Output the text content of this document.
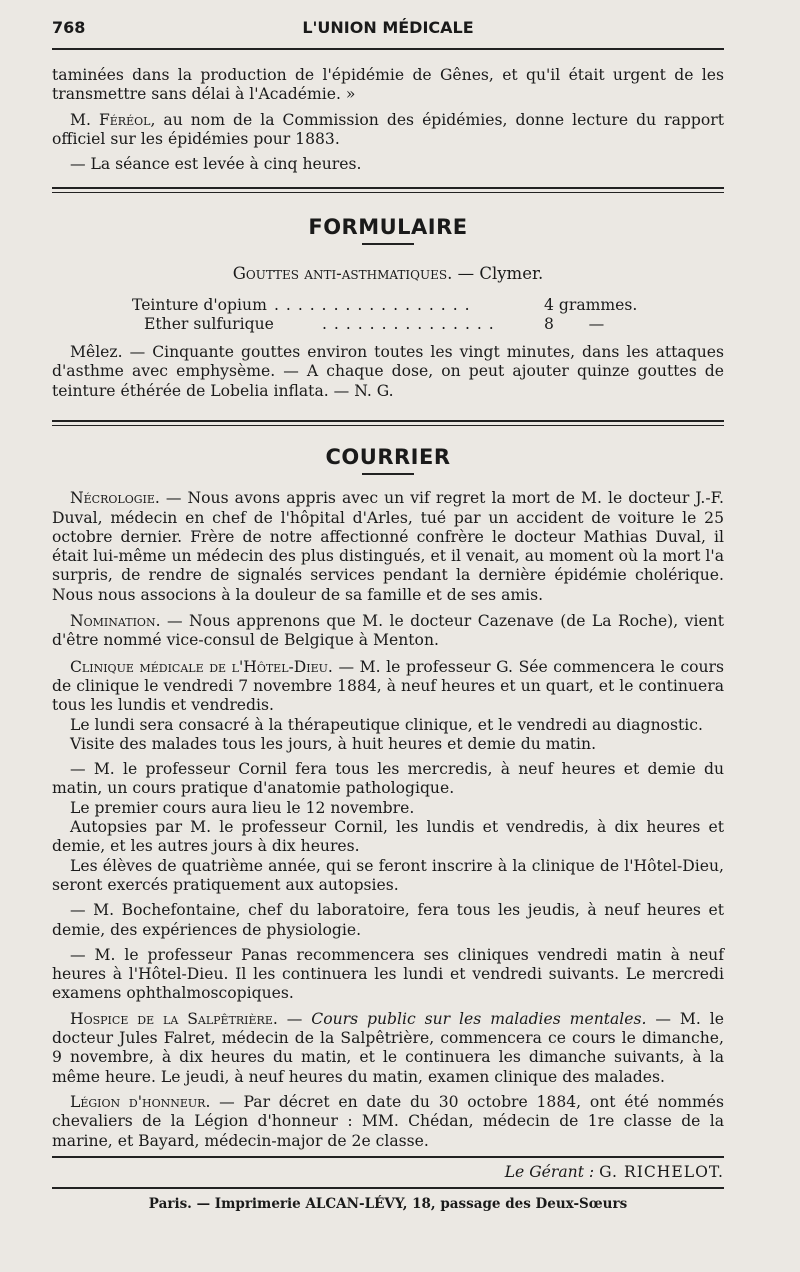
768	L'UNION MÉDICALE

taminées dans la production de l'épidémie de Gênes, et qu'il était urgent de les transmettre sans délai à l'Académie. »

M. Féréol, au nom de la Commission des épidémies, donne lecture du rapport officiel sur les épidémies pour 1883.

— La séance est levée à cinq heures.

FORMULAIRE

Gouttes anti-asthmatiques. — Clymer.

Teinture d'opium . . . . . . . . . . . . . . . . .	4 grammes.
Ether sulfurique	. . . . . . . . . . . . . . .	8       —

Mêlez. — Cinquante gouttes environ toutes les vingt minutes, dans les attaques d'asthme avec emphysème. — A chaque dose, on peut ajouter quinze gouttes de teinture éthérée de Lobelia inflata. — N. G.

COURRIER

Nécrologie. — Nous avons appris avec un vif regret la mort de M. le docteur J.-F. Duval, médecin en chef de l'hôpital d'Arles, tué par un accident de voiture le 25 octobre dernier. Frère de notre affectionné confrère le docteur Mathias Duval, il était lui-même un médecin des plus distingués, et il venait, au moment où la mort l'a surpris, de rendre de signalés services pendant la dernière épidémie cholérique. Nous nous associons à la douleur de sa famille et de ses amis.

Nomination. — Nous apprenons que M. le docteur Cazenave (de La Roche), vient d'être nommé vice-consul de Belgique à Menton.

Clinique médicale de l'Hôtel-Dieu. — M. le professeur G. Sée commencera le cours de clinique le vendredi 7 novembre 1884, à neuf heures et un quart, et le continuera tous les lundis et vendredis.

Le lundi sera consacré à la thérapeutique clinique, et le vendredi au diagnostic.

Visite des malades tous les jours, à huit heures et demie du matin.

— M. le professeur Cornil fera tous les mercredis, à neuf heures et demie du matin, un cours pratique d'anatomie pathologique.

Le premier cours aura lieu le 12 novembre.

Autopsies par M. le professeur Cornil, les lundis et vendredis, à dix heures et demie, et les autres jours à dix heures.

Les élèves de quatrième année, qui se feront inscrire à la clinique de l'Hôtel-Dieu, seront exercés pratiquement aux autopsies.

— M. Bochefontaine, chef du laboratoire, fera tous les jeudis, à neuf heures et demie, des expériences de physiologie.

— M. le professeur Panas recommencera ses cliniques vendredi matin à neuf heures à l'Hôtel-Dieu. Il les continuera les lundi et vendredi suivants. Le mercredi examens ophthalmoscopiques.

Hospice de la Salpêtrière. — Cours public sur les maladies mentales. — M. le docteur Jules Falret, médecin de la Salpêtrière, commencera ce cours le dimanche, 9 novembre, à dix heures du matin, et le continuera les dimanche suivants, à la même heure. Le jeudi, à neuf heures du matin, examen clinique des malades.

Légion d'honneur. — Par décret en date du 30 octobre 1884, ont été nommés chevaliers de la Légion d'honneur : MM. Chédan, médecin de 1re classe de la marine, et Bayard, médecin-major de 2e classe.

Le Gérant : G. RICHELOT.
Paris. — Imprimerie ALCAN-LÉVY, 18, passage des Deux-Sœurs
